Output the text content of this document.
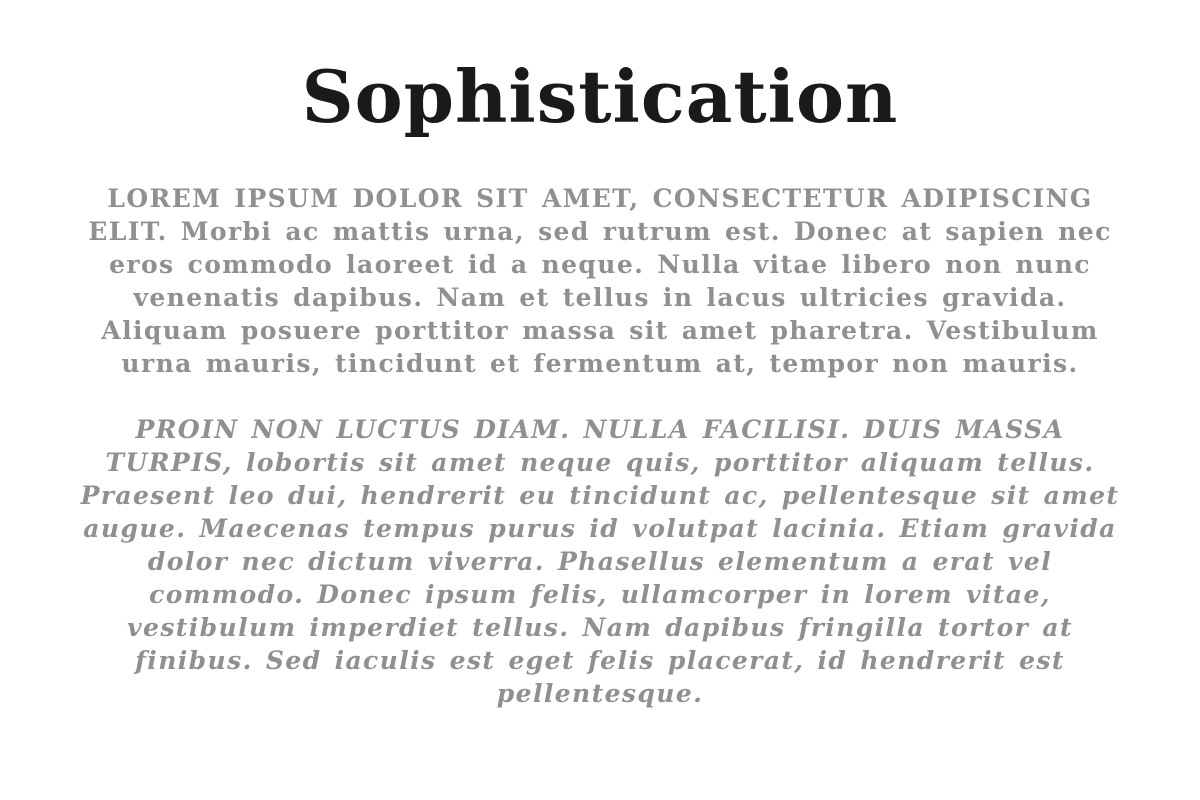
Sophistication
LOREM IPSUM DOLOR SIT AMET, CONSECTETUR ADIPISCING ELIT. Morbi ac mattis urna, sed rutrum est. Donec at sapien nec eros commodo laoreet id a neque. Nulla vitae libero non nunc venenatis dapibus. Nam et tellus in lacus ultricies gravida. Aliquam posuere porttitor massa sit amet pharetra. Vestibulum urna mauris, tincidunt et fermentum at, tempor non mauris.
PROIN NON LUCTUS DIAM. NULLA FACILISI. DUIS MASSA TURPIS, lobortis sit amet neque quis, porttitor aliquam tellus. Praesent leo dui, hendrerit eu tincidunt ac, pellentesque sit amet augue. Maecenas tempus purus id volutpat lacinia. Etiam gravida dolor nec dictum viverra. Phasellus elementum a erat vel commodo. Donec ipsum felis, ullamcorper in lorem vitae, vestibulum imperdiet tellus. Nam dapibus fringilla tortor at finibus. Sed iaculis est eget felis placerat, id hendrerit est pellentesque.
